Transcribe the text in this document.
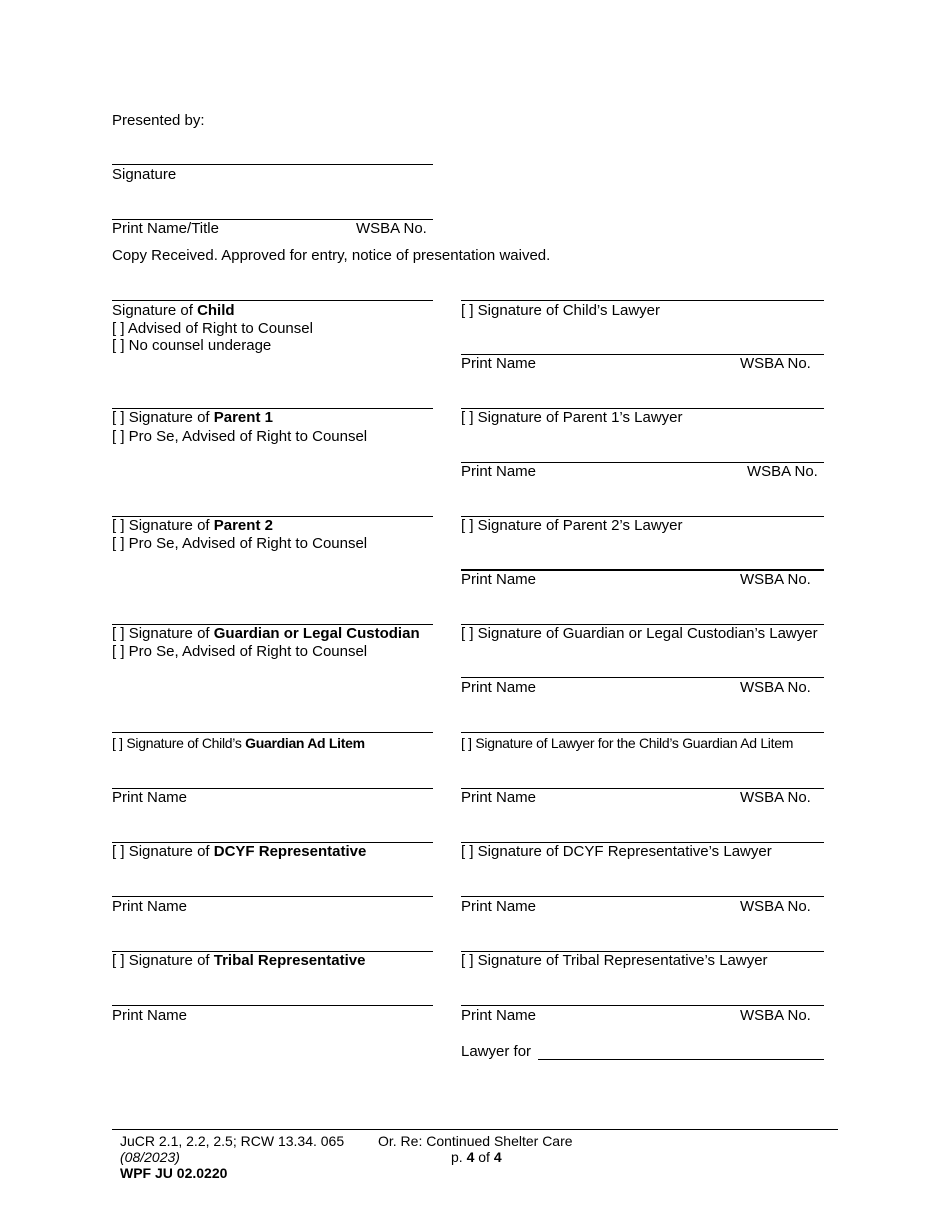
Presented by:
Signature
Print Name/Title	WSBA No.
Copy Received. Approved for entry, notice of presentation waived.
Signature of Child
[ ] Advised of Right to Counsel
[ ] No counsel underage
[ ] Signature of Child’s Lawyer
Print Name	WSBA No.
[ ] Signature of Parent 1
[ ] Pro Se, Advised of Right to Counsel
[ ] Signature of Parent 1’s Lawyer
Print Name	WSBA No.
[ ] Signature of Parent 2
[ ] Pro Se, Advised of Right to Counsel
[ ] Signature of Parent 2’s Lawyer
Print Name	WSBA No.
[ ] Signature of Guardian or Legal Custodian
[ ] Pro Se, Advised of Right to Counsel
[ ] Signature of Guardian or Legal Custodian’s Lawyer
Print Name	WSBA No.
[ ] Signature of Child’s Guardian Ad Litem	[ ] Signature of Lawyer for the Child’s Guardian Ad Litem
Print Name	Print Name	WSBA No.
[ ] Signature of DCYF Representative	[ ] Signature of DCYF Representative’s Lawyer
Print Name	Print Name	WSBA No.
[ ] Signature of Tribal Representative	[ ] Signature of Tribal Representative’s Lawyer
Print Name	Print Name	WSBA No.
Lawyer for
JuCR 2.1, 2.2, 2.5; RCW 13.34. 065
(08/2023)
WPF JU 02.0220
Or. Re: Continued Shelter Care
p. 4 of 4
